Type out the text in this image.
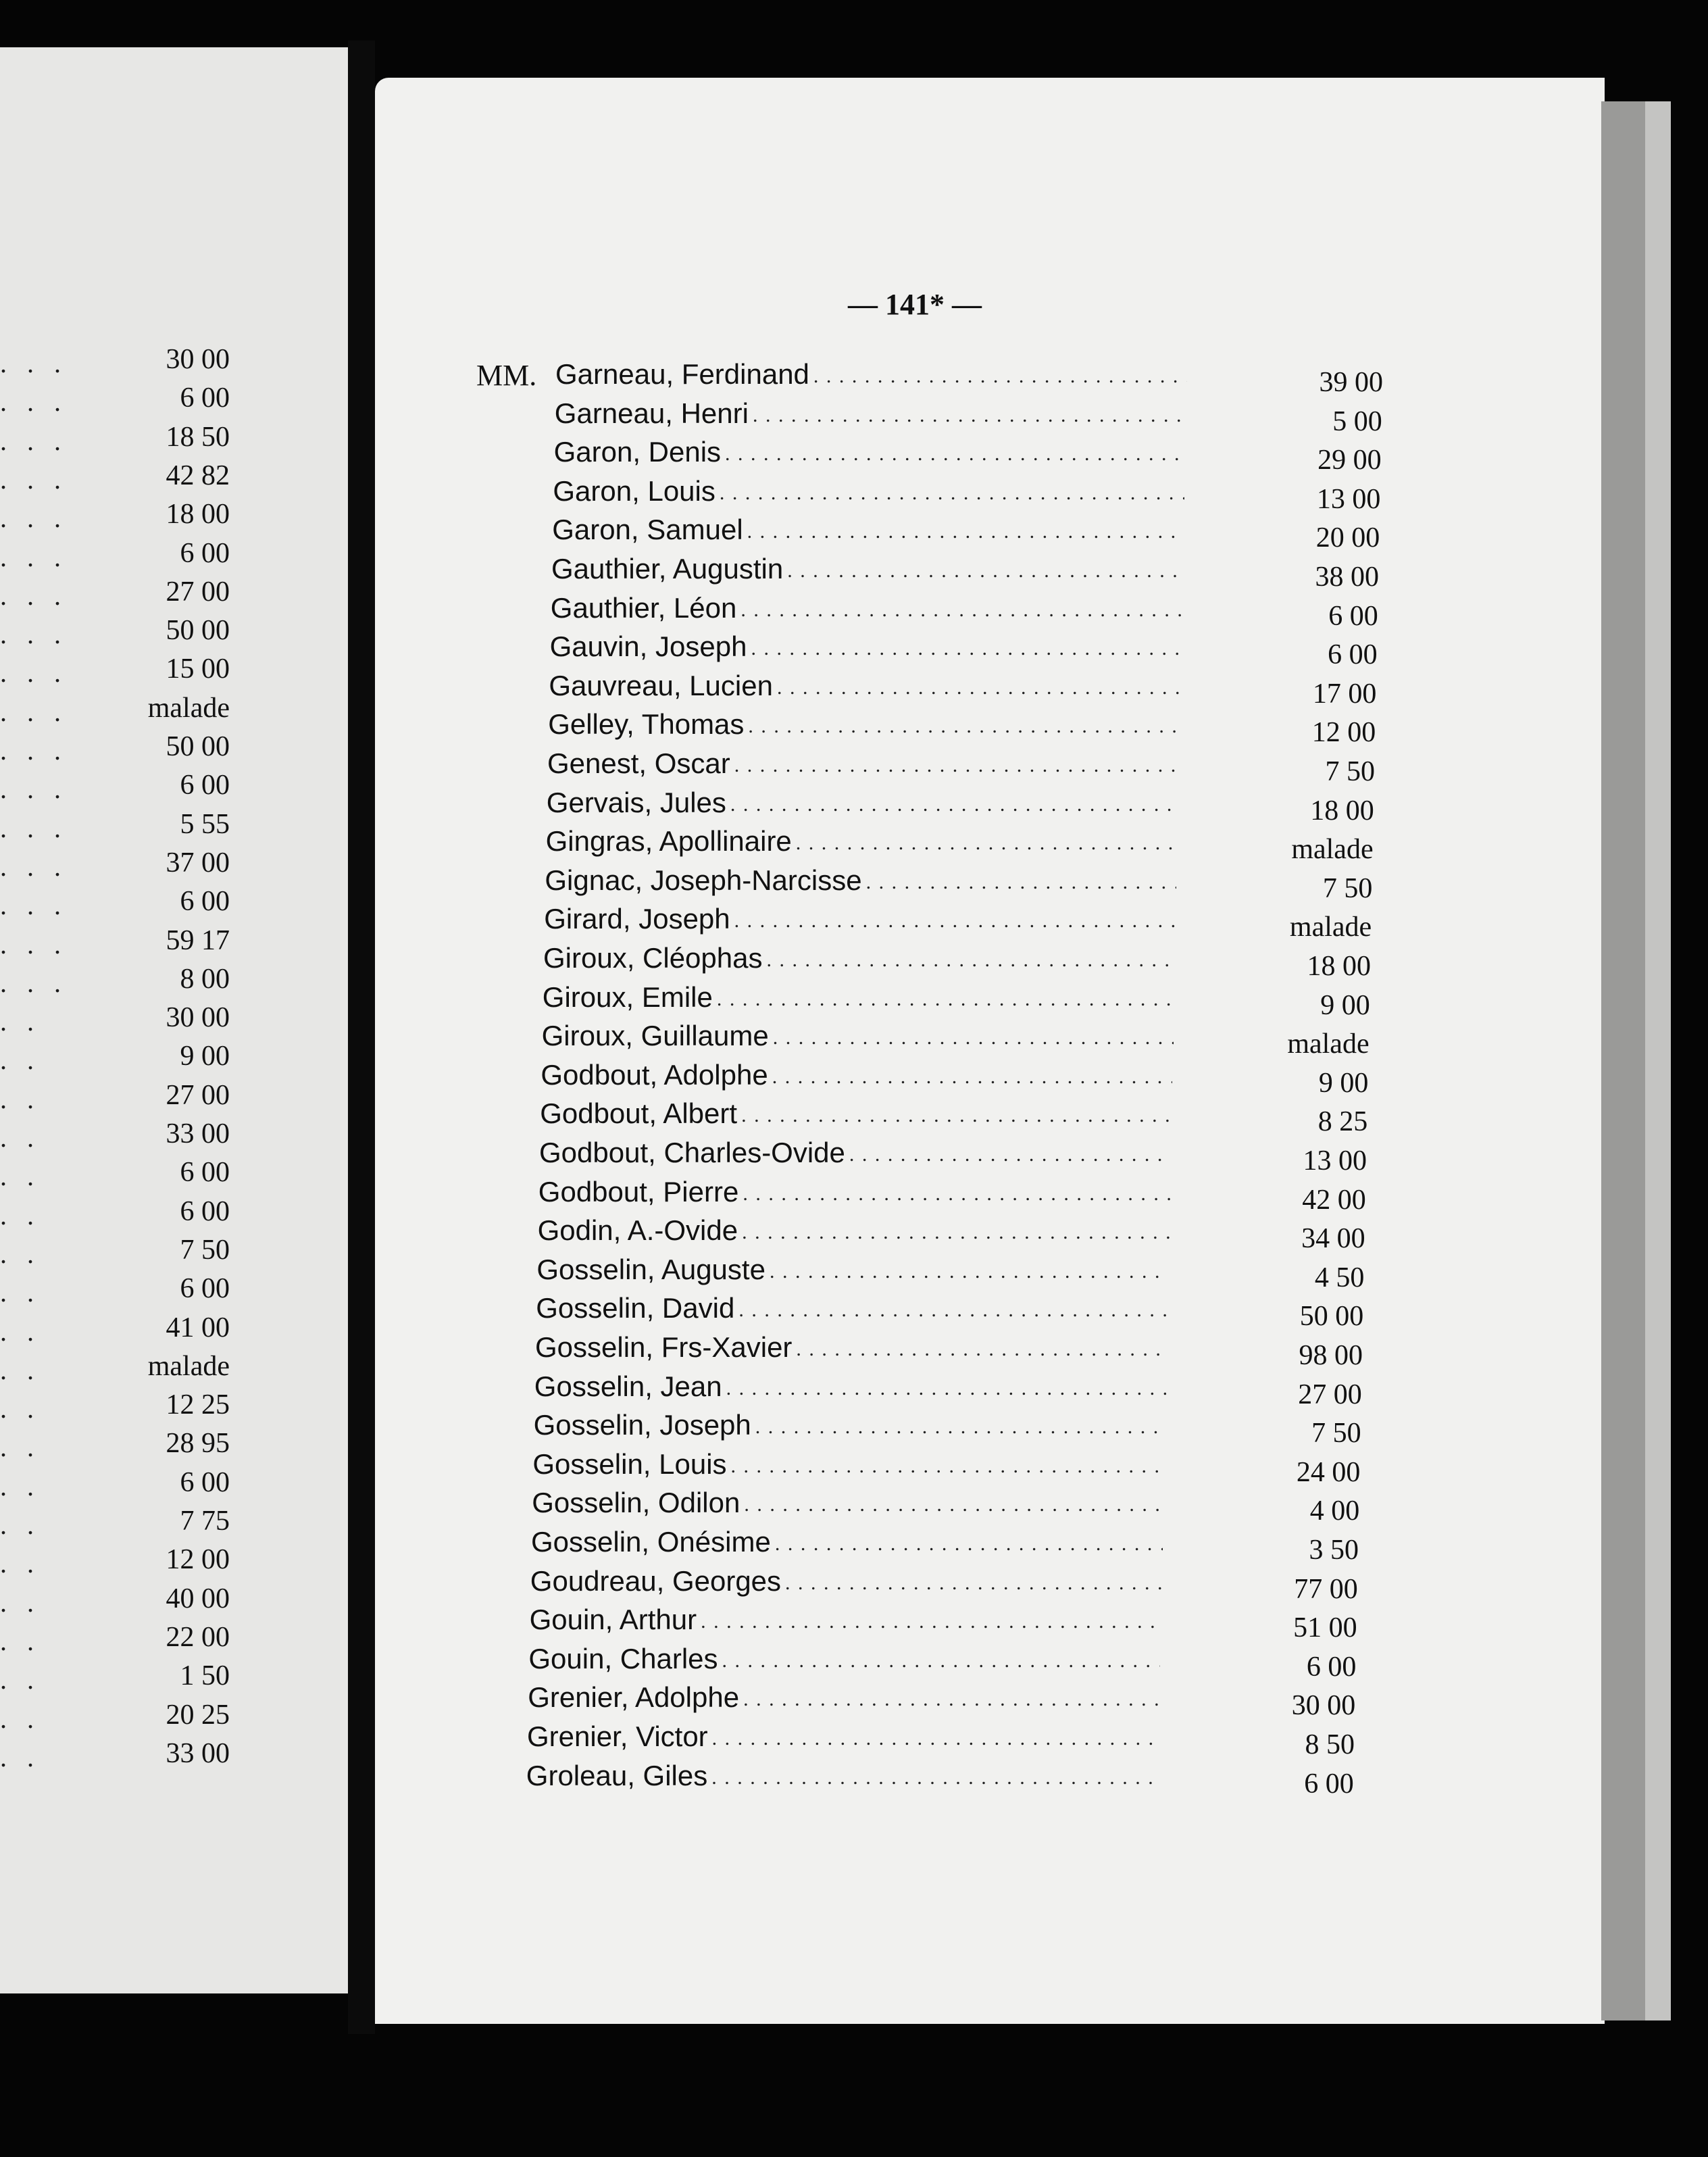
. . .	30 00
. . .	6 00
. . .	18 50
. . .	42 82
. . .	18 00
. . .	6 00
. . .	27 00
. . .	50 00
. . .	15 00
. . .	malade
. . .	50 00
. . .	6 00
. . .	5 55
. . .	37 00
. . .	6 00
. . .	59 17
. . .	8 00
. .	30 00
. .	9 00
. .	27 00
. .	33 00
. .	6 00
. .	6 00
. .	7 50
. .	6 00
. .	41 00
. .	malade
. .	12 25
. .	28 95
. .	6 00
. .	7 75
. .	12 00
. .	40 00
. .	22 00
. .	1 50
. .	20 25
. .	33 00
— 141* —
MM. Garneau, Ferdinand . . .	39 00
Garneau, Henri . . .	5 00
Garon, Denis . . .	29 00
Garon, Louis . . .	13 00
Garon, Samuel . . .	20 00
Gauthier, Augustin . . .	38 00
Gauthier, Léon . . .	6 00
Gauvin, Joseph . . .	6 00
Gauvreau, Lucien . . .	17 00
Gelley, Thomas . . .	12 00
Genest, Oscar . . .	7 50
Gervais, Jules . . .	18 00
Gingras, Apollinaire . . .	malade
Gignac, Joseph-Narcisse . . .	7 50
Girard, Joseph . . .	malade
Giroux, Cléophas . . .	18 00
Giroux, Emile . . .	9 00
Giroux, Guillaume . . .	malade
Godbout, Adolphe . . .	9 00
Godbout, Albert . . .	8 25
Godbout, Charles-Ovide . . .	13 00
Godbout, Pierre . . .	42 00
Godin, A.-Ovide . . .	34 00
Gosselin, Auguste . . .	4 50
Gosselin, David . . .	50 00
Gosselin, Frs-Xavier . . .	98 00
Gosselin, Jean . . .	27 00
Gosselin, Joseph . . .	7 50
Gosselin, Louis . . .	24 00
Gosselin, Odilon . . .	4 00
Gosselin, Onésime . . .	3 50
Goudreau, Georges . . .	77 00
Gouin, Arthur . . .	51 00
Gouin, Charles . . .	6 00
Grenier, Adolphe . . .	30 00
Grenier, Victor . . .	8 50
Groleau, Giles . . .	6 00
